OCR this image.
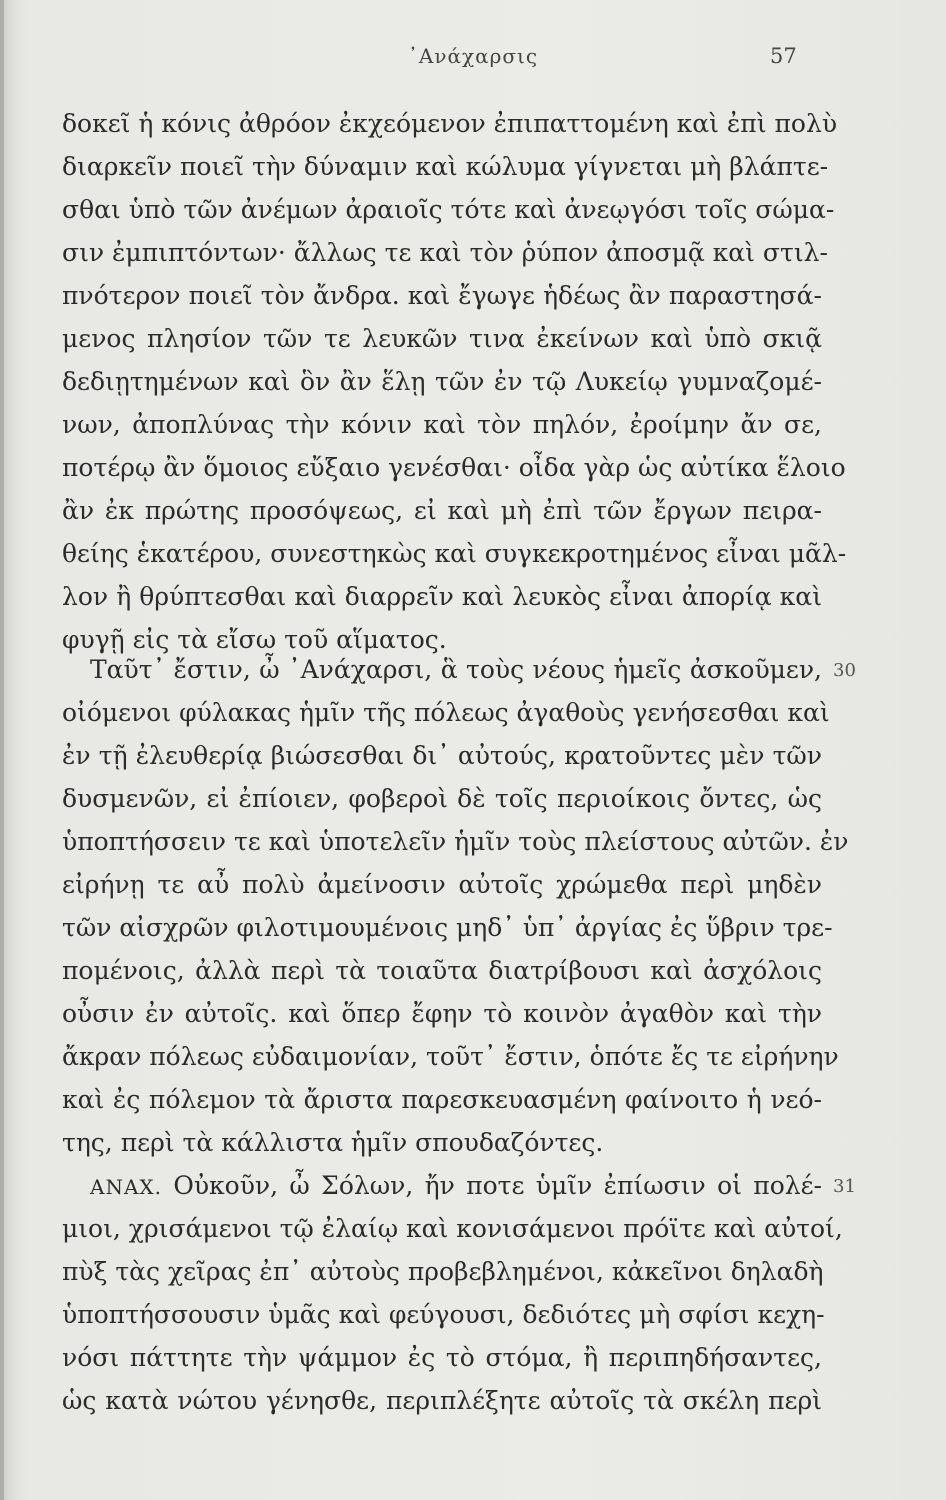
᾿Ανάχαρσις	57
δοκεῖ ἡ κόνις ἀθρόον ἐκχεόμενον ἐπιπαττομένη καὶ ἐπὶ πολὺ
διαρκεῖν ποιεῖ τὴν δύναμιν καὶ κώλυμα γίγνεται μὴ βλάπτε-
σθαι ὑπὸ τῶν ἀνέμων ἀραιοῖς τότε καὶ ἀνεῳγόσι τοῖς σώμα-
σιν ἐμπιπτόντων· ἄλλως τε καὶ τὸν ῥύπον ἀποσμᾷ καὶ στιλ-
πνότερον ποιεῖ τὸν ἄνδρα. καὶ ἔγωγε ἡδέως ἂν παραστησά-
μενος πλησίον τῶν τε λευκῶν τινα ἐκείνων καὶ ὑπὸ σκιᾷ
δεδιῃτημένων καὶ ὃν ἂν ἕλῃ τῶν ἐν τῷ Λυκείῳ γυμναζομέ-
νων, ἀποπλύνας τὴν κόνιν καὶ τὸν πηλόν, ἐροίμην ἄν σε,
ποτέρῳ ἂν ὅμοιος εὔξαιο γενέσθαι· οἶδα γὰρ ὡς αὐτίκα ἕλοιο
ἂν ἐκ πρώτης προσόψεως, εἰ καὶ μὴ ἐπὶ τῶν ἔργων πειρα-
θείης ἑκατέρου, συνεστηκὼς καὶ συγκεκροτημένος εἶναι μᾶλ-
λον ἢ θρύπτεσθαι καὶ διαρρεῖν καὶ λευκὸς εἶναι ἀπορίᾳ καὶ
φυγῇ εἰς τὰ εἴσω τοῦ αἵματος.
Ταῦτ᾿ ἔστιν, ὦ ᾿Ανάχαρσι, ἃ τοὺς νέους ἡμεῖς ἀσκοῦμεν, 30
οἰόμενοι φύλακας ἡμῖν τῆς πόλεως ἀγαθοὺς γενήσεσθαι καὶ
ἐν τῇ ἐλευθερίᾳ βιώσεσθαι δι᾿ αὐτούς, κρατοῦντες μὲν τῶν
δυσμενῶν, εἰ ἐπίοιεν, φοβεροὶ δὲ τοῖς περιοίκοις ὄντες, ὡς
ὑποπτήσσειν τε καὶ ὑποτελεῖν ἡμῖν τοὺς πλείστους αὐτῶν. ἐν
εἰρήνῃ τε αὖ πολὺ ἀμείνοσιν αὐτοῖς χρώμεθα περὶ μηδὲν
τῶν αἰσχρῶν φιλοτιμουμένοις μηδ᾿ ὑπ᾿ ἀργίας ἐς ὕβριν τρε-
πομένοις, ἀλλὰ περὶ τὰ τοιαῦτα διατρίβουσι καὶ ἀσχόλοις
οὖσιν ἐν αὐτοῖς. καὶ ὅπερ ἔφην τὸ κοινὸν ἀγαθὸν καὶ τὴν
ἄκραν πόλεως εὐδαιμονίαν, τοῦτ᾿ ἔστιν, ὁπότε ἔς τε εἰρήνην
καὶ ἐς πόλεμον τὰ ἄριστα παρεσκευασμένη φαίνοιτο ἡ νεό-
της, περὶ τὰ κάλλιστα ἡμῖν σπουδαζόντες.
ΑΝΑΧ. Οὐκοῦν, ὦ Σόλων, ἤν ποτε ὑμῖν ἐπίωσιν οἱ πολέ- 31
μιοι, χρισάμενοι τῷ ἐλαίῳ καὶ κονισάμενοι πρόϊτε καὶ αὐτοί,
πὺξ τὰς χεῖρας ἐπ᾿ αὐτοὺς προβεβλημένοι, κἀκεῖνοι δηλαδὴ
ὑποπτήσσουσιν ὑμᾶς καὶ φεύγουσι, δεδιότες μὴ σφίσι κεχη-
νόσι πάττητε τὴν ψάμμον ἐς τὸ στόμα, ἢ περιπηδήσαντες,
ὡς κατὰ νώτου γένησθε, περιπλέξητε αὐτοῖς τὰ σκέλη περὶ
